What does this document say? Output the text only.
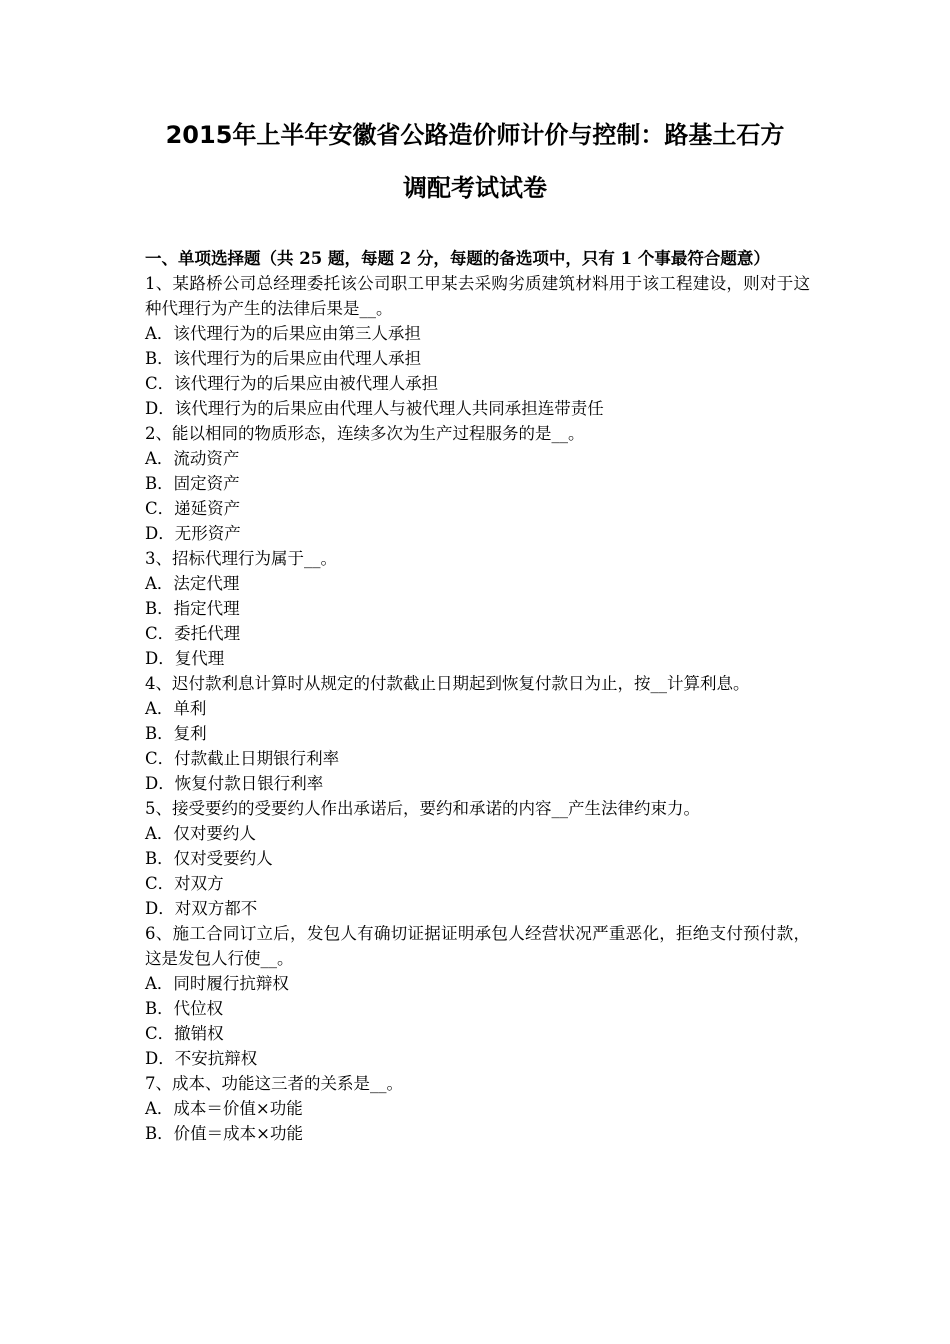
2015年上半年安徽省公路造价师计价与控制：路基土石方
调配考试试卷

一、单项选择题（共 25 题，每题 2 分，每题的备选项中，只有 1 个事最符合题意）

1、某路桥公司总经理委托该公司职工甲某去采购劣质建筑材料用于该工程建设，则对于这种代理行为产生的法律后果是__。

A．该代理行为的后果应由第三人承担

B．该代理行为的后果应由代理人承担

C．该代理行为的后果应由被代理人承担

D．该代理行为的后果应由代理人与被代理人共同承担连带责任

2、能以相同的物质形态，连续多次为生产过程服务的是__。

A．流动资产

B．固定资产

C．递延资产

D．无形资产

3、招标代理行为属于__。

A．法定代理

B．指定代理

C．委托代理

D．复代理

4、迟付款利息计算时从规定的付款截止日期起到恢复付款日为止，按__计算利息。

A．单利

B．复利

C．付款截止日期银行利率

D．恢复付款日银行利率

5、接受要约的受要约人作出承诺后，要约和承诺的内容__产生法律约束力。

A．仅对要约人

B．仅对受要约人

C．对双方

D．对双方都不

6、施工合同订立后，发包人有确切证据证明承包人经营状况严重恶化，拒绝支付预付款，这是发包人行使__。

A．同时履行抗辩权

B．代位权

C．撤销权

D．不安抗辩权

7、成本、功能这三者的关系是__。

A．成本＝价值×功能

B．价值＝成本×功能
